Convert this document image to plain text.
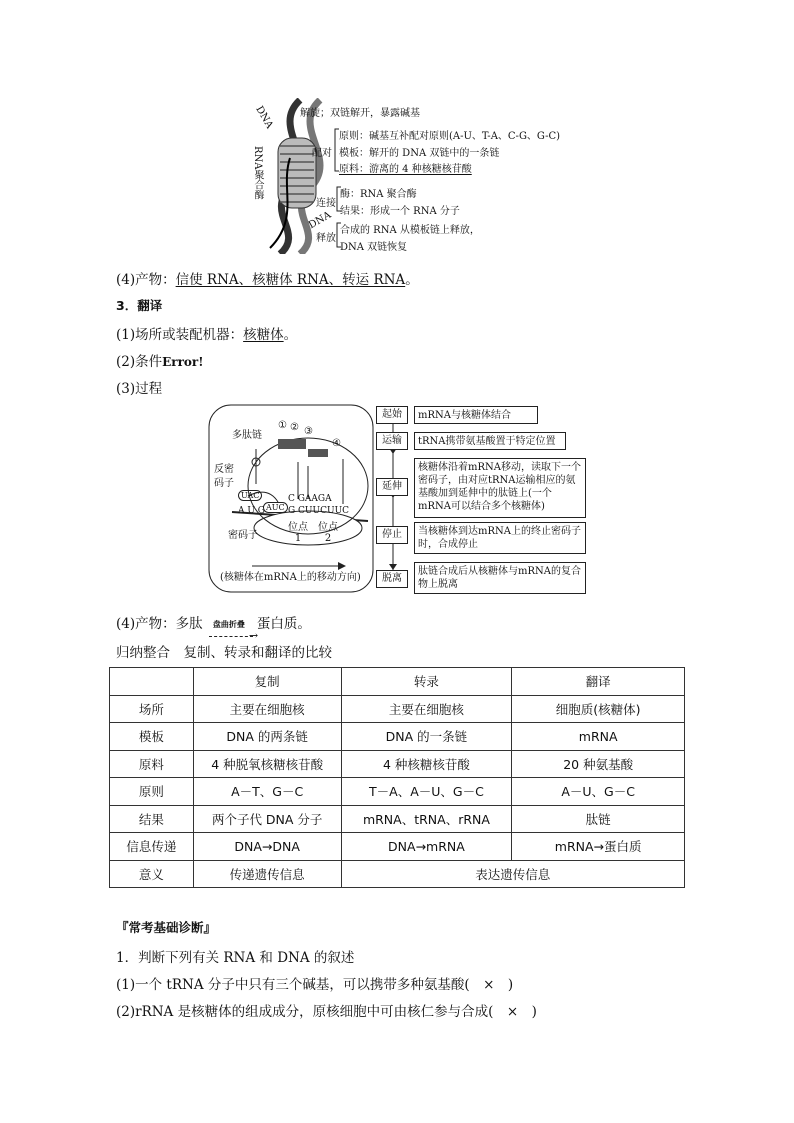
DNA
RNA聚合酶
DNA
解旋；双链解开，暴露碱基
配对
原则：碱基互补配对原则(A-U、T-A、C-G、G-C)
模板：解开的 DNA 双链中的一条链
原料：游离的 4 种核糖核苷酸
连接
酶：RNA 聚合酶
结果：形成一个 RNA 分子
释放
合成的 RNA 从模板链上释放，
DNA 双链恢复
(4)产物：信使 RNA、核糖体 RNA、转运 RNA。
3．翻译
(1)场所或装配机器：核糖体。
(2)条件Error!
(3)过程
多肽链
反密
码子
UAC
AUC
A U G
C GAAGA
G CUUCUUC
密码子
① ② ③
④
位点
1
位点
2
(核糖体在mRNA上的移动方向)
起始	mRNA与核糖体结合
运输	tRNA携带氨基酸置于特定位置
延伸
核糖体沿着mRNA移动，读取下一个密码子，由对应tRNA运输相应的氨基酸加到延伸中的肽链上(一个mRNA可以结合多个核糖体)
停止	当核糖体到达mRNA上的终止密码子时，合成停止
脱离
肽链合成后从核糖体与mRNA的复合物上脱离
(4)产物：多肽 盘曲折叠
→
蛋白质。
归纳整合　 复制、转录和翻译的比较
	复制	转录	翻译
场所	主要在细胞核	主要在细胞核	细胞质(核糖体)
模板	DNA 的两条链	DNA 的一条链	mRNA
原料	4 种脱氧核糖核苷酸	4 种核糖核苷酸	20 种氨基酸
原则	A－T、G－C	T－A、A－U、G－C	A－U、G－C
结果	两个子代 DNA 分子	mRNA、tRNA、rRNA	肽链
信息传递	DNA→DNA	DNA→mRNA	mRNA→蛋白质
意义	传递遗传信息	表达遗传信息	
『常考基础诊断』
1．判断下列有关 RNA 和 DNA 的叙述
(1)一个 tRNA 分子中只有三个碱基，可以携带多种氨基酸(　×　)
(2)rRNA 是核糖体的组成成分，原核细胞中可由核仁参与合成(　×　)
